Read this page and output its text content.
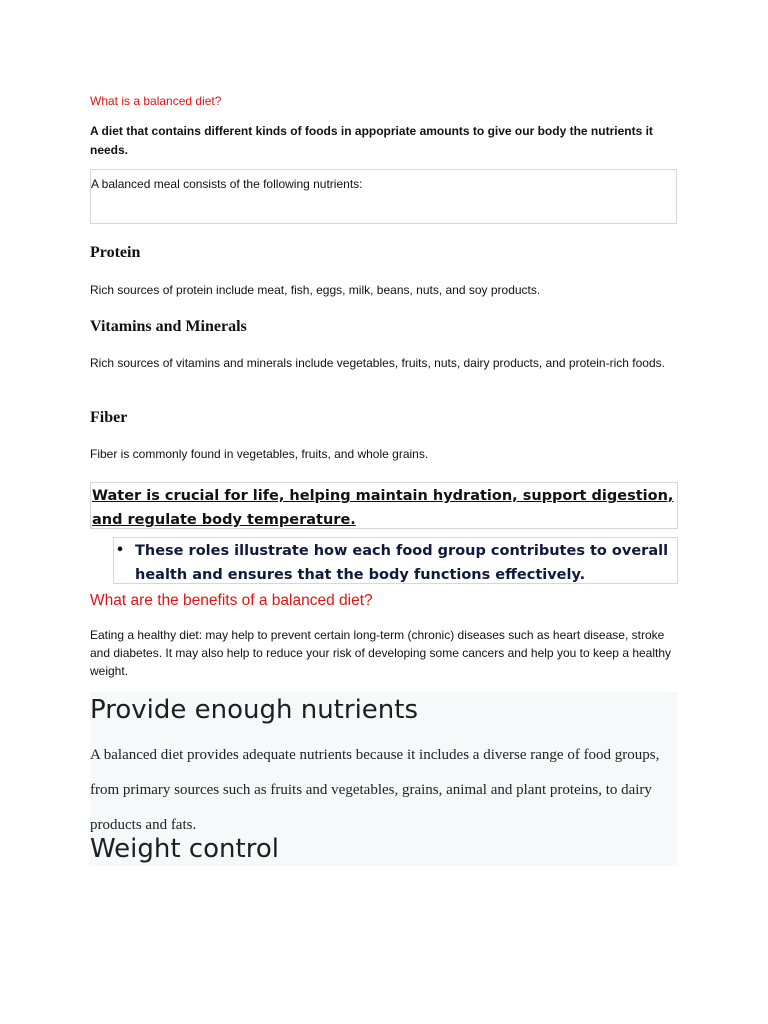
What is a balanced diet?
A diet that contains different kinds of foods in appopriate amounts to give our body the nutrients it needs.
A balanced meal consists of the following nutrients:
Protein
Rich sources of protein include meat, fish, eggs, milk, beans, nuts, and soy products.
Vitamins and Minerals
Rich sources of vitamins and minerals include vegetables, fruits, nuts, dairy products, and protein-rich foods.
Fiber
Fiber is commonly found in vegetables, fruits, and whole grains.
Water is crucial for life, helping maintain hydration, support digestion, and regulate body temperature.
• These roles illustrate how each food group contributes to overall health and ensures that the body functions effectively.
What are the benefits of a balanced diet?
Eating a healthy diet: may help to prevent certain long-term (chronic) diseases such as heart disease, stroke and diabetes. It may also help to reduce your risk of developing some cancers and help you to keep a healthy weight.
Provide enough nutrients
A balanced diet provides adequate nutrients because it includes a diverse range of food groups, from primary sources such as fruits and vegetables, grains, animal and plant proteins, to dairy products and fats.
Weight control
